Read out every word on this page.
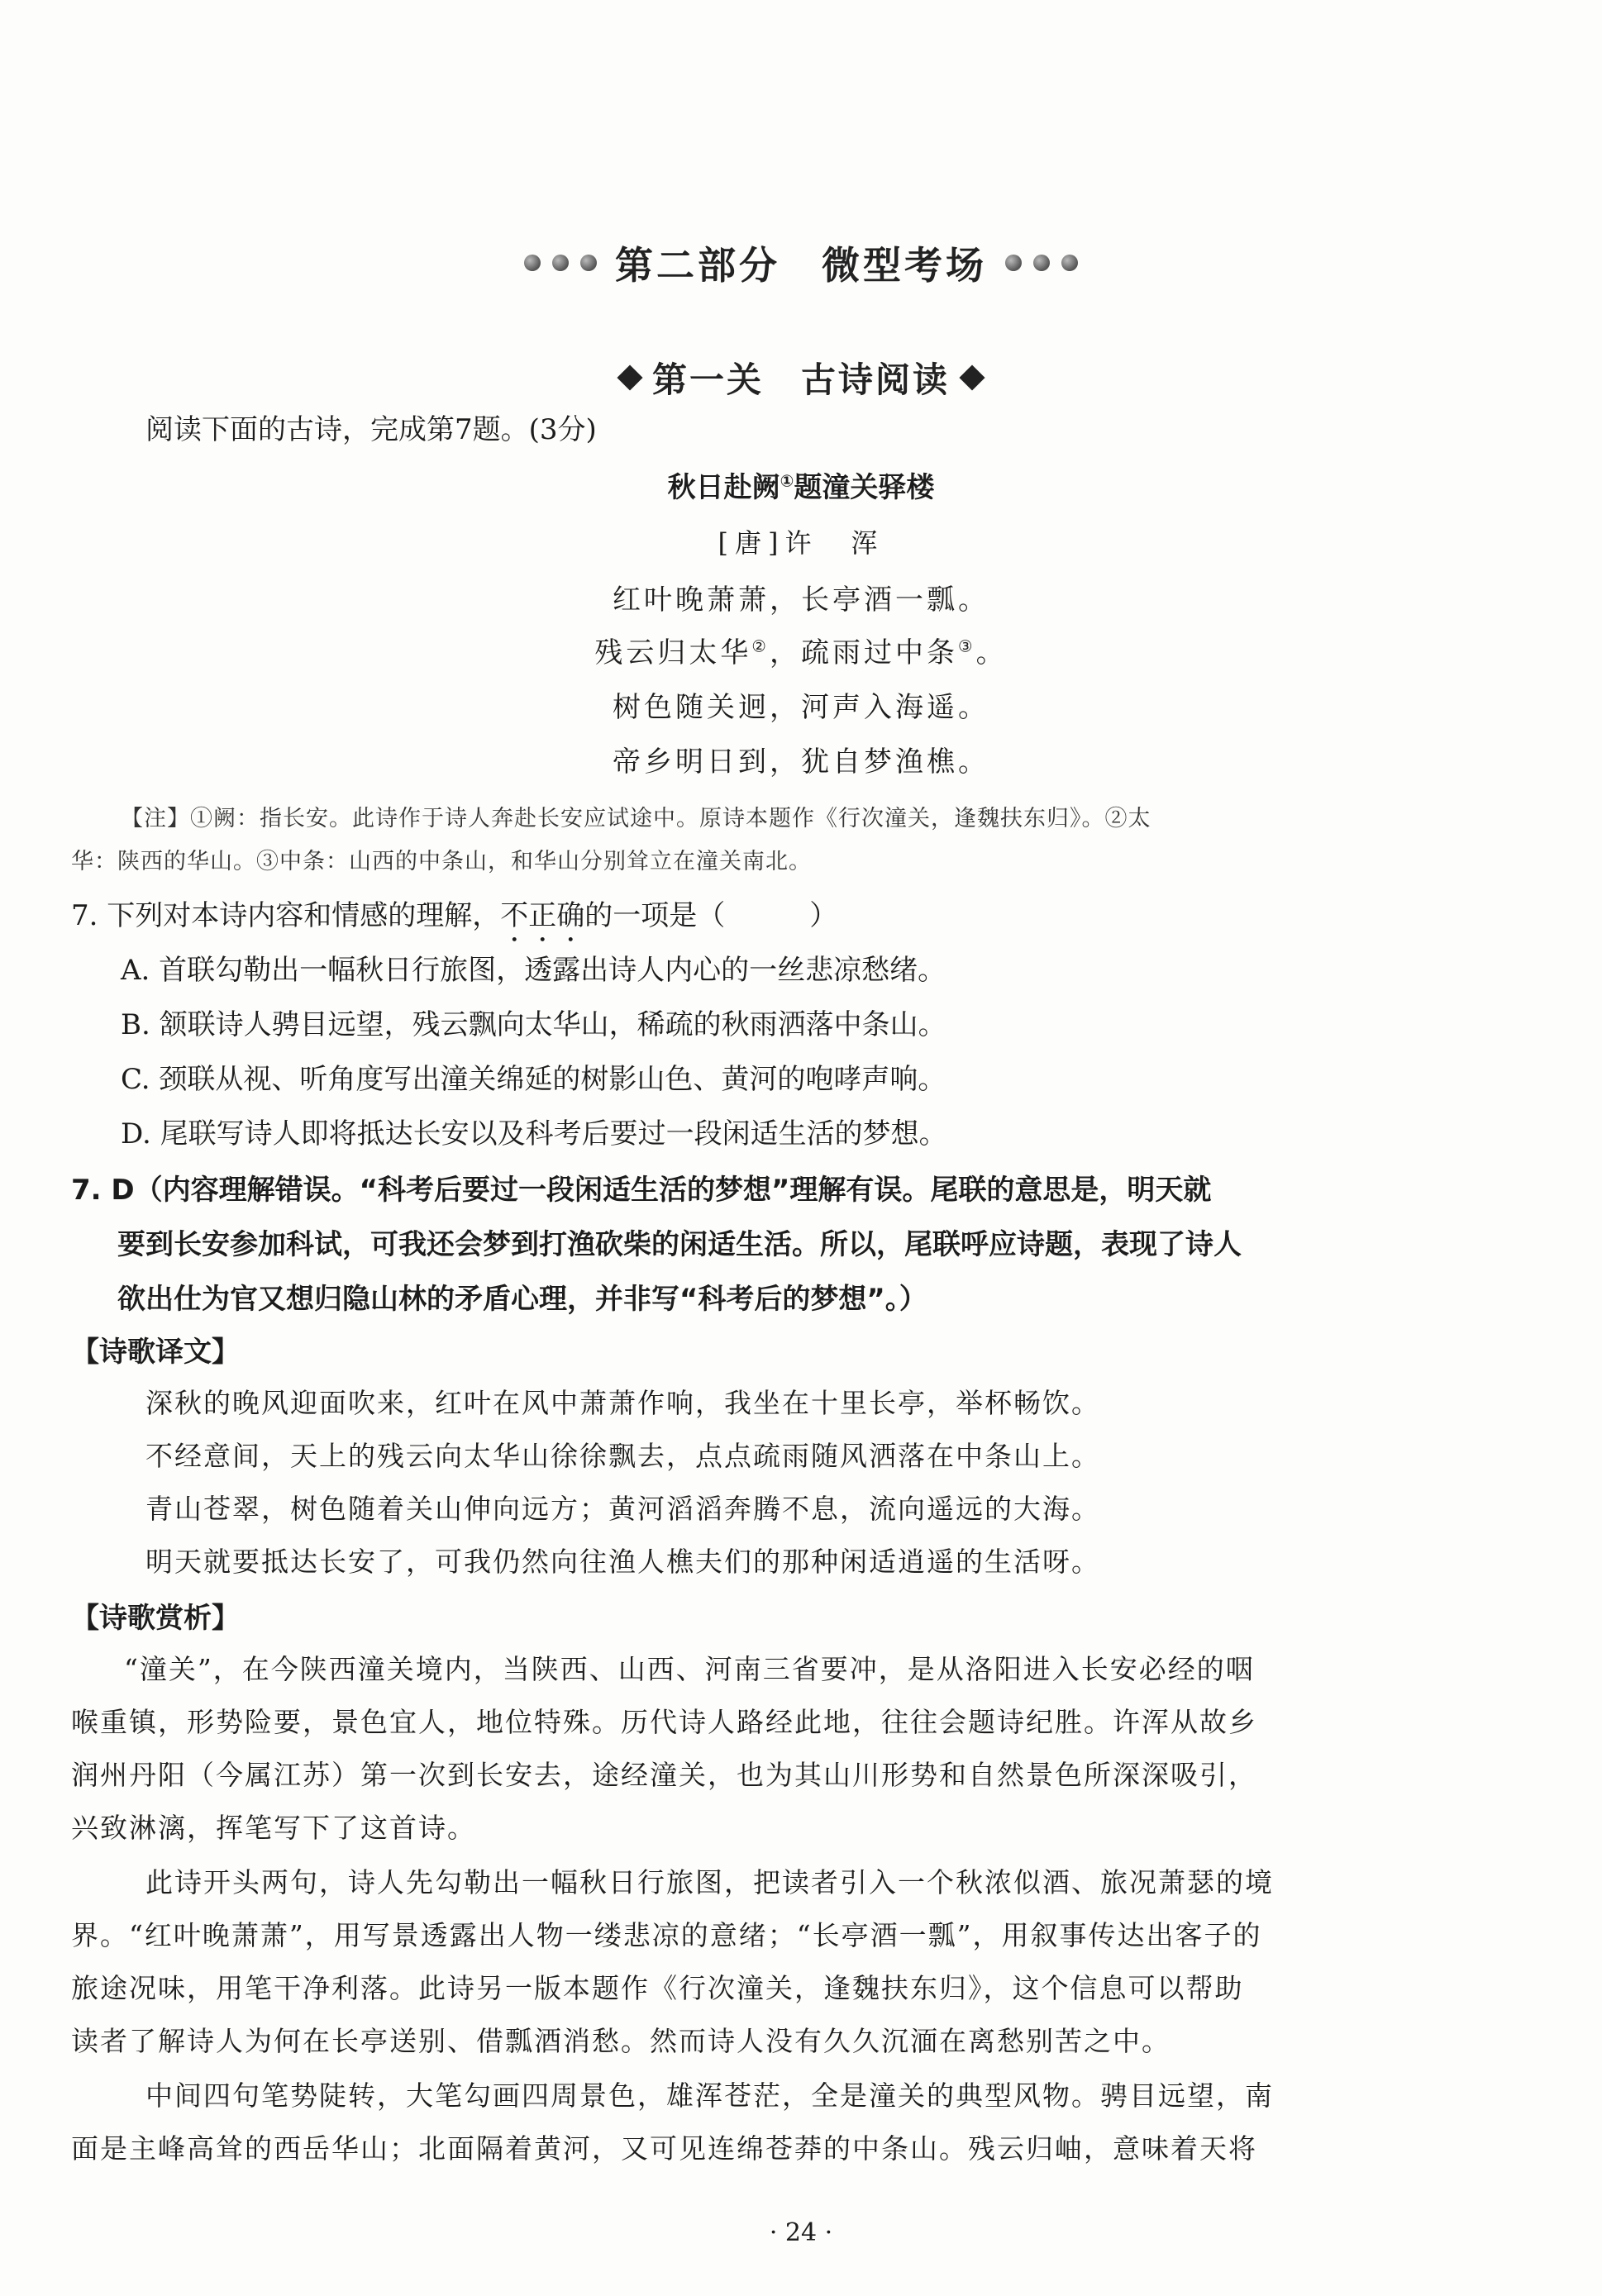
第二部分　微型考场
第一关　古诗阅读
阅读下面的古诗，完成第7题。(3分)
秋日赴阙①题潼关驿楼
[唐]许　浑
红叶晚萧萧，长亭酒一瓢。
残云归太华②，疏雨过中条③。
树色随关迥，河声入海遥。
帝乡明日到，犹自梦渔樵。
【注】①阙：指长安。此诗作于诗人奔赴长安应试途中。原诗本题作《行次潼关，逢魏扶东归》。②太
华：陕西的华山。③中条：山西的中条山，和华山分别耸立在潼关南北。
7. 下列对本诗内容和情感的理解，不正确的一项是（　　　）
A. 首联勾勒出一幅秋日行旅图，透露出诗人内心的一丝悲凉愁绪。
B. 颔联诗人骋目远望，残云飘向太华山，稀疏的秋雨洒落中条山。
C. 颈联从视、听角度写出潼关绵延的树影山色、黄河的咆哮声响。
D. 尾联写诗人即将抵达长安以及科考后要过一段闲适生活的梦想。
7. D（内容理解错误。“科考后要过一段闲适生活的梦想”理解有误。尾联的意思是，明天就
要到长安参加科试，可我还会梦到打渔砍柴的闲适生活。所以，尾联呼应诗题，表现了诗人
欲出仕为官又想归隐山林的矛盾心理，并非写“科考后的梦想”。）
【诗歌译文】
深秋的晚风迎面吹来，红叶在风中萧萧作响，我坐在十里长亭，举杯畅饮。
不经意间，天上的残云向太华山徐徐飘去，点点疏雨随风洒落在中条山上。
青山苍翠，树色随着关山伸向远方；黄河滔滔奔腾不息，流向遥远的大海。
明天就要抵达长安了，可我仍然向往渔人樵夫们的那种闲适逍遥的生活呀。
【诗歌赏析】
“潼关”，在今陕西潼关境内，当陕西、山西、河南三省要冲，是从洛阳进入长安必经的咽
喉重镇，形势险要，景色宜人，地位特殊。历代诗人路经此地，往往会题诗纪胜。许浑从故乡
润州丹阳（今属江苏）第一次到长安去，途经潼关，也为其山川形势和自然景色所深深吸引，
兴致淋漓，挥笔写下了这首诗。
此诗开头两句，诗人先勾勒出一幅秋日行旅图，把读者引入一个秋浓似酒、旅况萧瑟的境
界。“红叶晚萧萧”，用写景透露出人物一缕悲凉的意绪；“长亭酒一瓢”，用叙事传达出客子的
旅途况味，用笔干净利落。此诗另一版本题作《行次潼关，逢魏扶东归》，这个信息可以帮助
读者了解诗人为何在长亭送别、借瓢酒消愁。然而诗人没有久久沉湎在离愁别苦之中。
中间四句笔势陡转，大笔勾画四周景色，雄浑苍茫，全是潼关的典型风物。骋目远望，南
面是主峰高耸的西岳华山；北面隔着黄河，又可见连绵苍莽的中条山。残云归岫，意味着天将
· 24 ·
